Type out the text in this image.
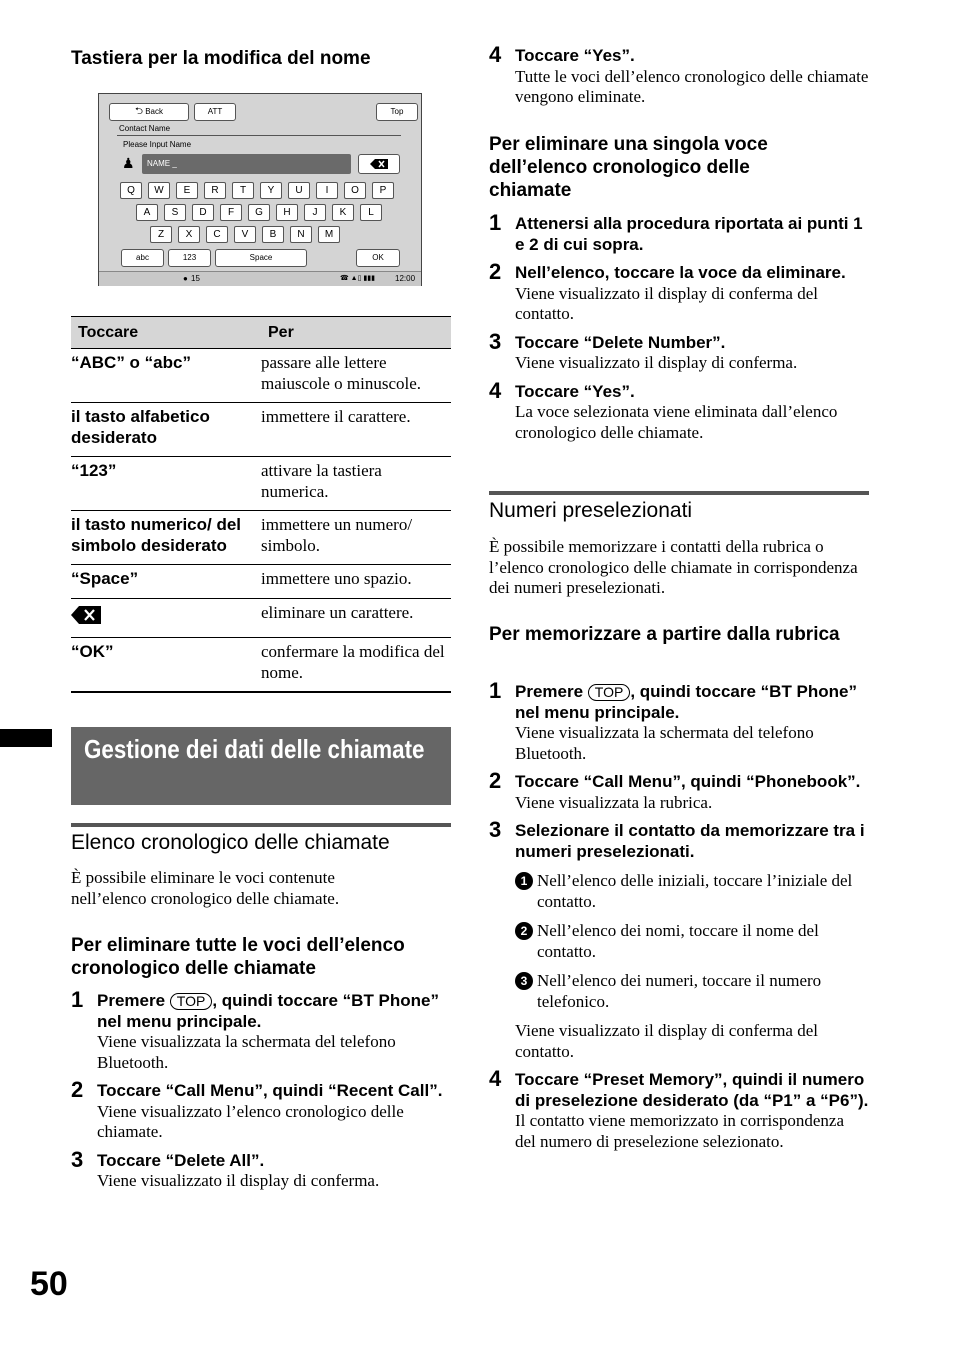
50
Tastiera per la modifica del nome
⮌ Back	ATT	Top
Contact Name
Please Input Name
♟	NAME _
Q	W	E	R	T	Y	U	I	O	P
A	S	D	F	G	H	J	K	L
Z	X	C	V	B	N	M
abc	123	Space	OK
● 15	☎ ▲▯ ▮▮▮	12:00
Toccare	Per
“ABC” o “abc”	passare alle lettere maiuscole o minuscole.
il tasto alfabetico desiderato	immettere il carattere.
“123”	attivare la tastiera numerica.
il tasto numerico/ del simbolo desiderato	immettere un numero/ simbolo.
“Space”	immettere uno spazio.
	eliminare un carattere.
“OK”	confermare la modifica del nome.
Gestione dei dati delle chiamate
Elenco cronologico delle chiamate

È possibile eliminare le voci contenute nell’elenco cronologico delle chiamate.

Per eliminare tutte le voci dell’elenco cronologico delle chiamate
1 Premere TOP , quindi toccare “BT Phone” nel menu principale.
Viene visualizzata la schermata del telefono Bluetooth.
2 Toccare “Call Menu”, quindi “Recent Call”.
Viene visualizzato l’elenco cronologico delle chiamate.
3 Toccare “Delete All”.
Viene visualizzato il display di conferma.
4 Toccare “Yes”.
Tutte le voci dell’elenco cronologico delle chiamate vengono eliminate.
Per eliminare una singola voce dell’elenco cronologico delle chiamate
1 Attenersi alla procedura riportata ai punti 1 e 2 di cui sopra.
2 Nell’elenco, toccare la voce da eliminare.
Viene visualizzato il display di conferma del contatto.
3 Toccare “Delete Number”.
Viene visualizzato il display di conferma.
4 Toccare “Yes”.
La voce selezionata viene eliminata dall’elenco cronologico delle chiamate.
Numeri preselezionati

È possibile memorizzare i contatti della rubrica o l’elenco cronologico delle chiamate in corrispondenza dei numeri preselezionati.

Per memorizzare a partire dalla rubrica
1 Premere TOP , quindi toccare “BT Phone” nel menu principale.
Viene visualizzata la schermata del telefono Bluetooth.
2 Toccare “Call Menu”, quindi “Phonebook”.
Viene visualizzata la rubrica.
3 Selezionare il contatto da memorizzare tra i numeri preselezionati.
1 Nell’elenco delle iniziali, toccare l’iniziale del contatto.
2 Nell’elenco dei nomi, toccare il nome del contatto.
3 Nell’elenco dei numeri, toccare il numero telefonico.
Viene visualizzato il display di conferma del contatto.
4 Toccare “Preset Memory”, quindi il numero di preselezione desiderato (da “P1” a “P6”).
Il contatto viene memorizzato in corrispondenza del numero di preselezione selezionato.
